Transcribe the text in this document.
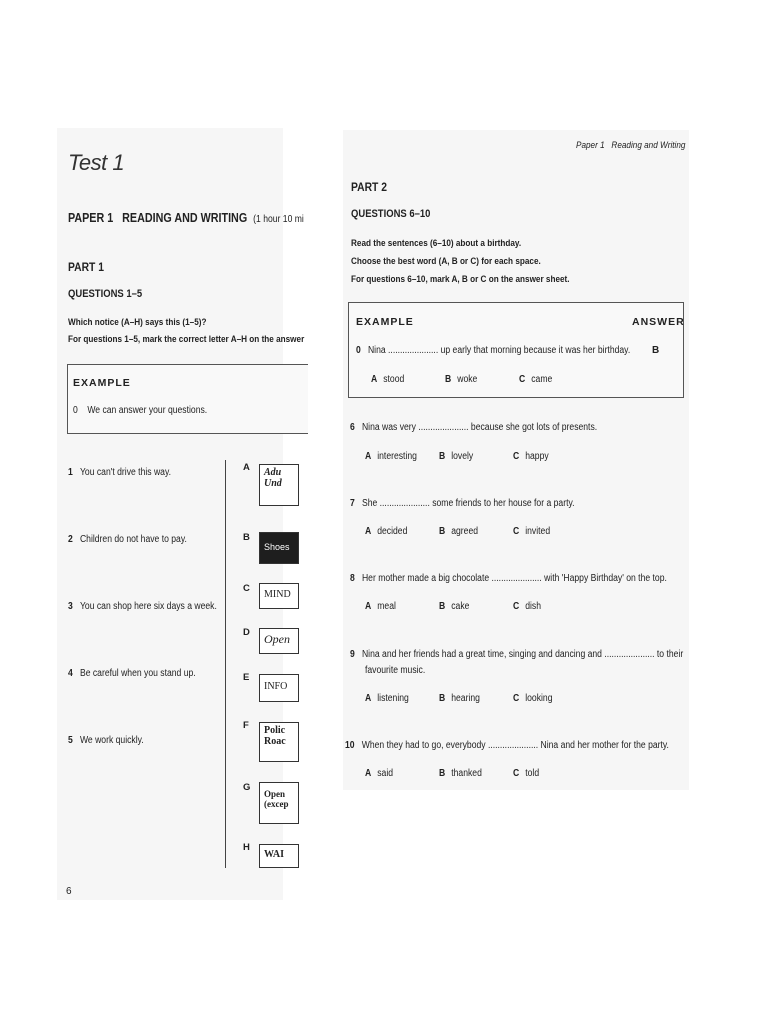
Test 1
PAPER 1   READING AND WRITING (1 hour 10 mi
PART 1
QUESTIONS 1–5
Which notice (A–H) says this (1–5)?
For questions 1–5, mark the correct letter A–H on the answer
EXAMPLE
0    We can answer your questions.
1 You can't drive this way.
2 Children do not have to pay.
3 You can shop here six days a week.
4 Be careful when you stand up.
5 We work quickly.
A Adu
Und
B
Shoes
C
MIND
D Open
E
INFO
F Polic
Roac
G
Open
(excep
H
WAI
6
Paper 1   Reading and Writing
PART 2
QUESTIONS 6–10
Read the sentences (6–10) about a birthday.
Choose the best word (A, B or C) for each space.
For questions 6–10, mark A, B or C on the answer sheet.
EXAMPLE	ANSWER
0 Nina ..................... up early that morning because it was her birthday.	B
A stood	B woke	C came
6 Nina was very ..................... because she got lots of presents.
A interesting	B lovely	C happy
7 She ..................... some friends to her house for a party.
A decided	B agreed	C invited
8 Her mother made a big chocolate ..................... with 'Happy Birthday' on the top.
A meal	B cake	C dish
9 Nina and her friends had a great time, singing and dancing and ..................... to their
favourite music.
A listening	B hearing	C looking
10 When they had to go, everybody ..................... Nina and her mother for the party.
A said	B thanked	C told
